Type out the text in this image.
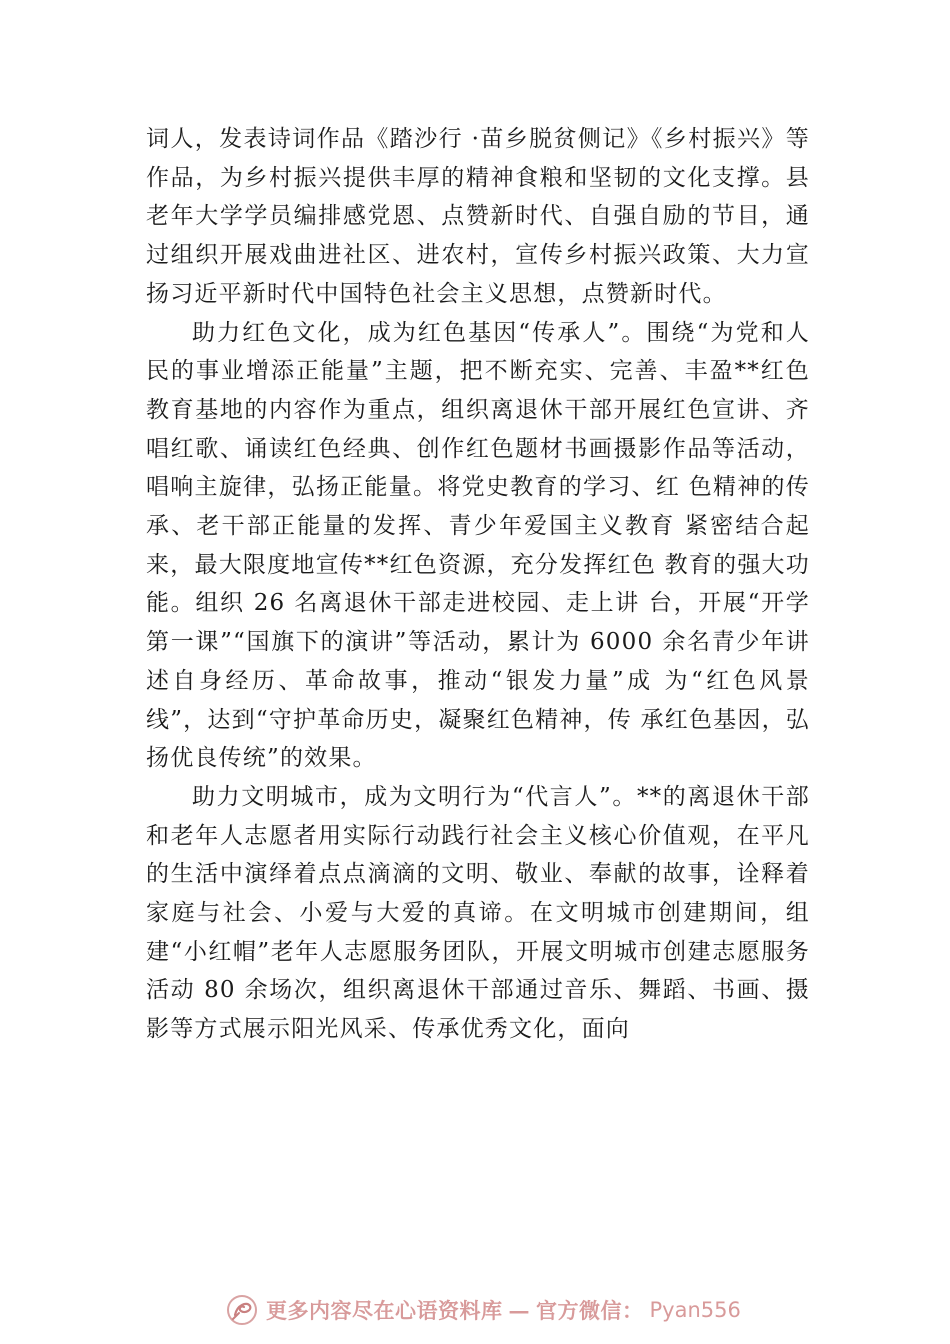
词人，发表诗词作品《踏沙行 ·苗乡脱贫侧记》《乡村振兴》等作品，为乡村振兴提供丰厚的精神食粮和坚韧的文化支撑。县老年大学学员编排感党恩、点赞新时代、自强自励的节目，通过组织开展戏曲进社区、进农村，宣传乡村振兴政策、大力宣扬习近平新时代中国特色社会主义思想，点赞新时代。

助力红色文化，成为红色基因“传承人”。围绕“为党和人民的事业增添正能量”主题，把不断充实、完善、丰盈**红色教育基地的内容作为重点，组织离退休干部开展红色宣讲、齐唱红歌、诵读红色经典、创作红色题材书画摄影作品等活动， 唱响主旋律，弘扬正能量。将党史教育的学习、红 色精神的传承、老干部正能量的发挥、青少年爱国主义教育 紧密结合起来，最大限度地宣传**红色资源，充分发挥红色 教育的强大功能。组织 26 名离退休干部走进校园、走上讲 台，开展“开学第一课”“国旗下的演讲”等活动，累计为 6000 余名青少年讲述自身经历、革命故事，推动“银发力量”成 为“红色风景线”，达到“守护革命历史，凝聚红色精神，传 承红色基因，弘扬优良传统”的效果。

助力文明城市，成为文明行为“代言人”。**的离退休干部和老年人志愿者用实际行动践行社会主义核心价值观，在平凡的生活中演绎着点点滴滴的文明、敬业、奉献的故事，诠释着家庭与社会、小爱与大爱的真谛。在文明城市创建期间，组建“小红帽”老年人志愿服务团队，开展文明城市创建志愿服务活动 80 余场次，组织离退休干部通过音乐、舞蹈、书画、摄影等方式展示阳光风采、传承优秀文化，面向

更多内容尽在心语资料库 — 官方微信： Pyan556
